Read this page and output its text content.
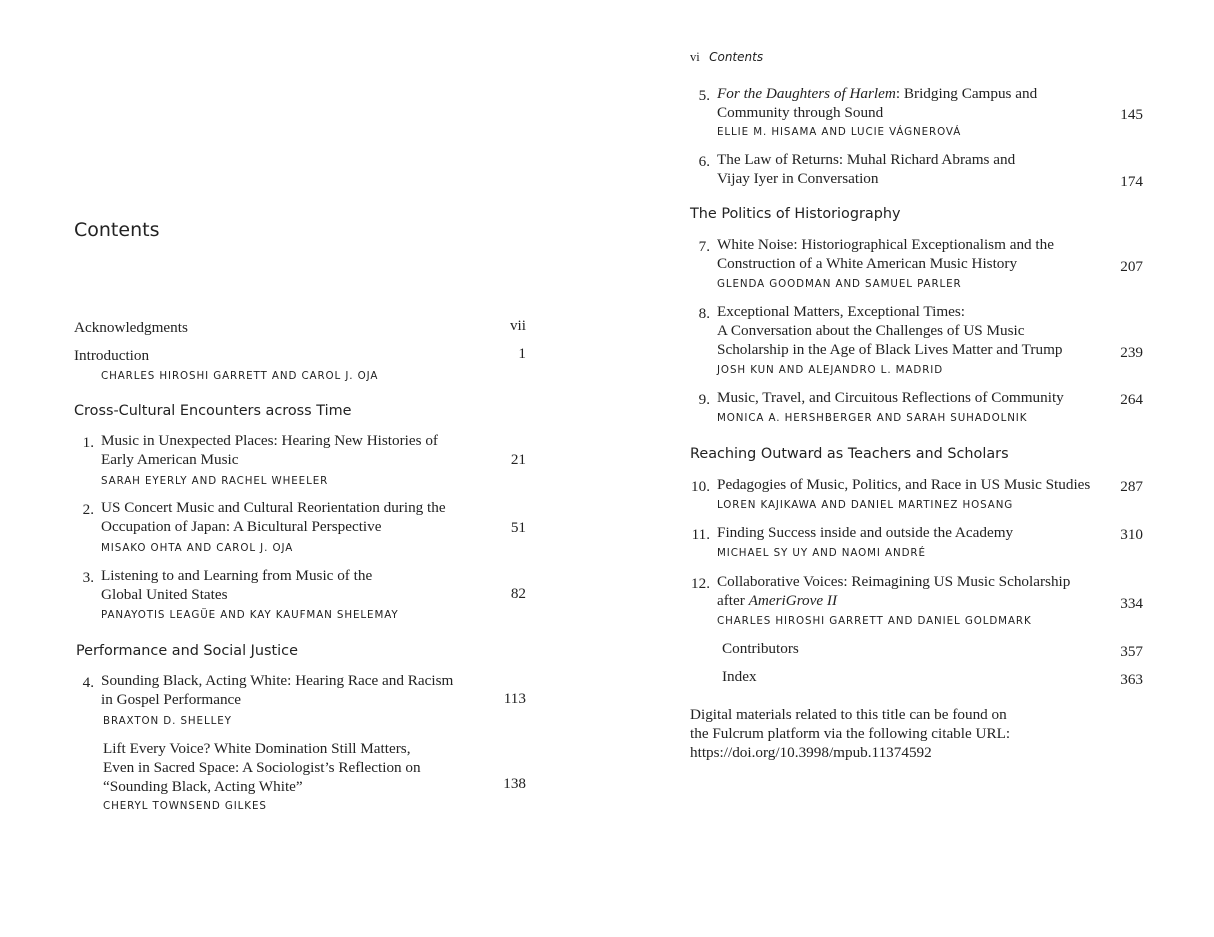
Contents
Acknowledgments	vii
Introduction	1
CHARLES HIROSHI GARRETT AND CAROL J. OJA
Cross-Cultural Encounters across Time
1. Music in Unexpected Places: Hearing New Histories of
Early American Music	21
SARAH EYERLY AND RACHEL WHEELER
2. US Concert Music and Cultural Reorientation during the
Occupation of Japan: A Bicultural Perspective	51
MISAKO OHTA AND CAROL J. OJA
3. Listening to and Learning from Music of the
Global United States	82
PANAYOTIS LEAGÜE AND KAY KAUFMAN SHELEMAY
Performance and Social Justice
4. Sounding Black, Acting White: Hearing Race and Racism
in Gospel Performance	113
BRAXTON D. SHELLEY
Lift Every Voice? White Domination Still Matters,
Even in Sacred Space: A Sociologist’s Reflection on
“Sounding Black, Acting White”	138
CHERYL TOWNSEND GILKES
vi Contents
5. For the Daughters of Harlem: Bridging Campus and
Community through Sound	145
ELLIE M. HISAMA AND LUCIE VÁGNEROVÁ
6. The Law of Returns: Muhal Richard Abrams and
Vijay Iyer in Conversation	174
The Politics of Historiography
7. White Noise: Historiographical Exceptionalism and the
Construction of a White American Music History	207
GLENDA GOODMAN AND SAMUEL PARLER
8. Exceptional Matters, Exceptional Times:
A Conversation about the Challenges of US Music
Scholarship in the Age of Black Lives Matter and Trump	239
JOSH KUN AND ALEJANDRO L. MADRID
9. Music, Travel, and Circuitous Reflections of Community	264
MONICA A. HERSHBERGER AND SARAH SUHADOLNIK
Reaching Outward as Teachers and Scholars
10. Pedagogies of Music, Politics, and Race in US Music Studies	287
LOREN KAJIKAWA AND DANIEL MARTINEZ HOSANG
11. Finding Success inside and outside the Academy	310
MICHAEL SY UY AND NAOMI ANDRÉ
12. Collaborative Voices: Reimagining US Music Scholarship
after AmeriGrove II	334
CHARLES HIROSHI GARRETT AND DANIEL GOLDMARK
Contributors	357
Index	363
Digital materials related to this title can be found on
the Fulcrum platform via the following citable URL:
https://doi.org/10.3998/mpub.11374592
